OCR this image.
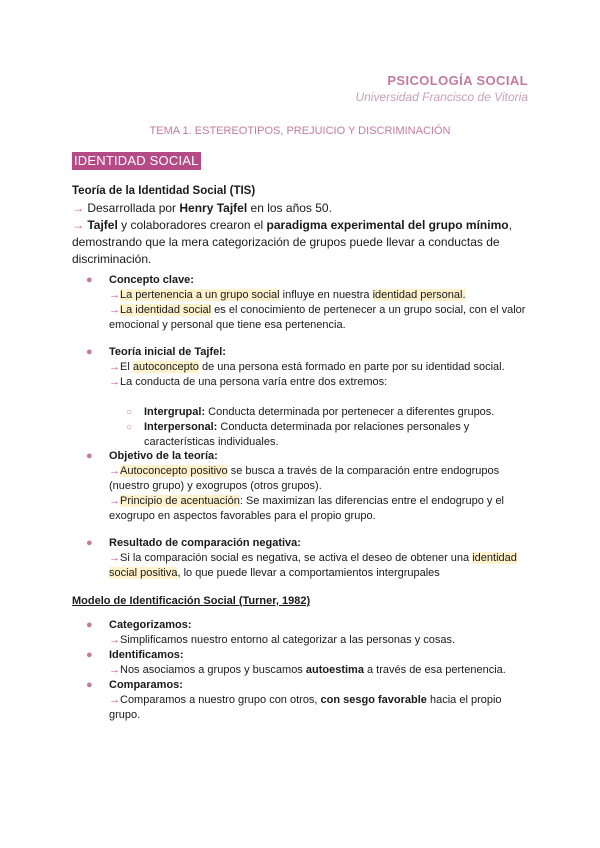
PSICOLOGÍA SOCIAL
Universidad Francisco de Vitoria
TEMA 1. ESTEREOTIPOS, PREJUICIO Y DISCRIMINACIÓN
IDENTIDAD SOCIAL

Teoría de la Identidad Social (TIS)

→ Desarrollada por Henry Tajfel en los años 50.

→ Tajfel y colaboradores crearon el paradigma experimental del grupo mínimo, demostrando que la mera categorización de grupos puede llevar a conductas de discriminación.

● Concepto clave:
→La pertenencia a un grupo social influye en nuestra identidad personal.
→La identidad social es el conocimiento de pertenecer a un grupo social, con el valor emocional y personal que tiene esa pertenencia.
● Teoría inicial de Tajfel:
→El autoconcepto de una persona está formado en parte por su identidad social.
→La conducta de una persona varía entre dos extremos:
○ Intergrupal: Conducta determinada por pertenecer a diferentes grupos.
○ Interpersonal: Conducta determinada por relaciones personales y características individuales.
● Objetivo de la teoría:
→Autoconcepto positivo se busca a través de la comparación entre endogrupos (nuestro grupo) y exogrupos (otros grupos).
→Principio de acentuación: Se maximizan las diferencias entre el endogrupo y el exogrupo en aspectos favorables para el propio grupo.
● Resultado de comparación negativa:
→Si la comparación social es negativa, se activa el deseo de obtener una identidad social positiva, lo que puede llevar a comportamientos intergrupales
Modelo de Identificación Social (Turner, 1982)
● Categorizamos:
→Simplificamos nuestro entorno al categorizar a las personas y cosas.
● Identificamos:
→Nos asociamos a grupos y buscamos autoestima a través de esa pertenencia.
● Comparamos:
→Comparamos a nuestro grupo con otros, con sesgo favorable hacia el propio grupo.
